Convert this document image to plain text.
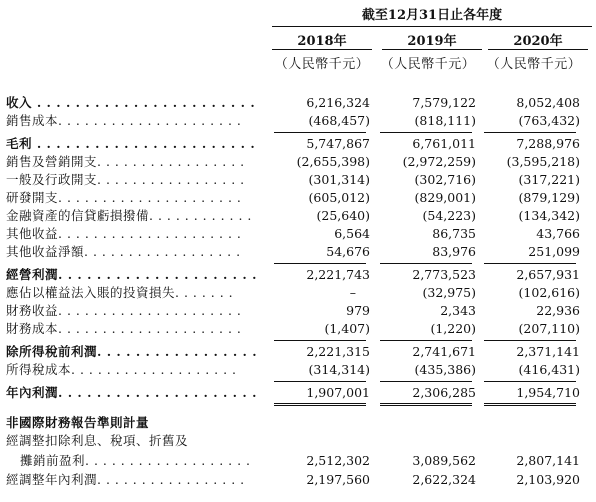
截至12月31日止各年度
2018年	2019年	2020年
（人民幣千元） （人民幣千元） （人民幣千元）
收入 . . . . . . . . . . . . . . . . . . . . . . .	6,216,324	7,579,122	8,052,408
銷售成本. . . . . . . . . . . . . . . . . . . . .	(468,457)	(818,111)	(763,432)
毛利 . . . . . . . . . . . . . . . . . . . . . . .	5,747,867	6,761,011	7,288,976
銷售及營銷開支. . . . . . . . . . . . . . . . .	(2,655,398)	(2,972,259) (3,595,218)
一般及行政開支. . . . . . . . . . . . . . . . .	(301,314)	(302,716)	(317,221)
研發開支. . . . . . . . . . . . . . . . . . . . .	(605,012)	(829,001)	(879,129)
金融資產的信貸虧損撥備. . . . . . . . . . . .	(25,640)	(54,223)	(134,342)
其他收益. . . . . . . . . . . . . . . . . . . . .	6,564	86,735	43,766
其他收益淨額. . . . . . . . . . . . . . . . . .	54,676	83,976	251,099
經營利潤. . . . . . . . . . . . . . . . . . . . .	2,221,743	2,773,523	2,657,931
應佔以權益法入賬的投資損失. . . . . . .	–	(32,975)	(102,616)
財務收益. . . . . . . . . . . . . . . . . . . . .	979	2,343	22,936
財務成本. . . . . . . . . . . . . . . . . . . . .	(1,407)	(1,220)	(207,110)
除所得稅前利潤. . . . . . . . . . . . . . . . .	2,221,315	2,741,671	2,371,141
所得稅成本. . . . . . . . . . . . . . . . . . .	(314,314)	(435,386)	(416,431)
年內利潤. . . . . . . . . . . . . . . . . . . . .	1,907,001	2,306,285	1,954,710
非國際財務報告準則計量
經調整扣除利息、稅項、折舊及
攤銷前盈利. . . . . . . . . . . . . . . . . . .	2,512,302	3,089,562	2,807,141
經調整年內利潤. . . . . . . . . . . . . . . . .	2,197,560	2,622,324	2,103,920
